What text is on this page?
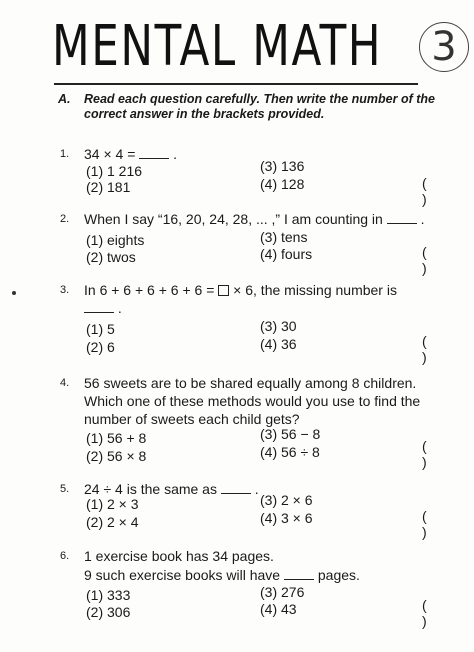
MENTAL MATH	3
A. Read each question carefully. Then write the number of the correct answer in the brackets provided.
1. 34 × 4 =  .
(1) 1 216
(2) 181
(3) 136
(4) 128	( )
2. When I say “16, 20, 24, 28, ... ,” I am counting in  .
(1) eights
(2) twos
(3) tens
(4) fours	( )
3. In 6 + 6 + 6 + 6 + 6 =  × 6, the missing number is
.
(1) 5
(2) 6
(3) 30
(4) 36	( )
4. 56 sweets are to be shared equally among 8 children.
Which one of these methods would you use to find the
number of sweets each child gets?
(1) 56 + 8
(2) 56 × 8
(3) 56 − 8
(4) 56 ÷ 8	( )
5. 24 ÷ 4 is the same as  .
(1) 2 × 3
(2) 2 × 4
(3) 2 × 6
(4) 3 × 6	( )
6. 1 exercise book has 34 pages.
9 such exercise books will have  pages.
(1) 333
(2) 306
(3) 276
(4) 43	( )
